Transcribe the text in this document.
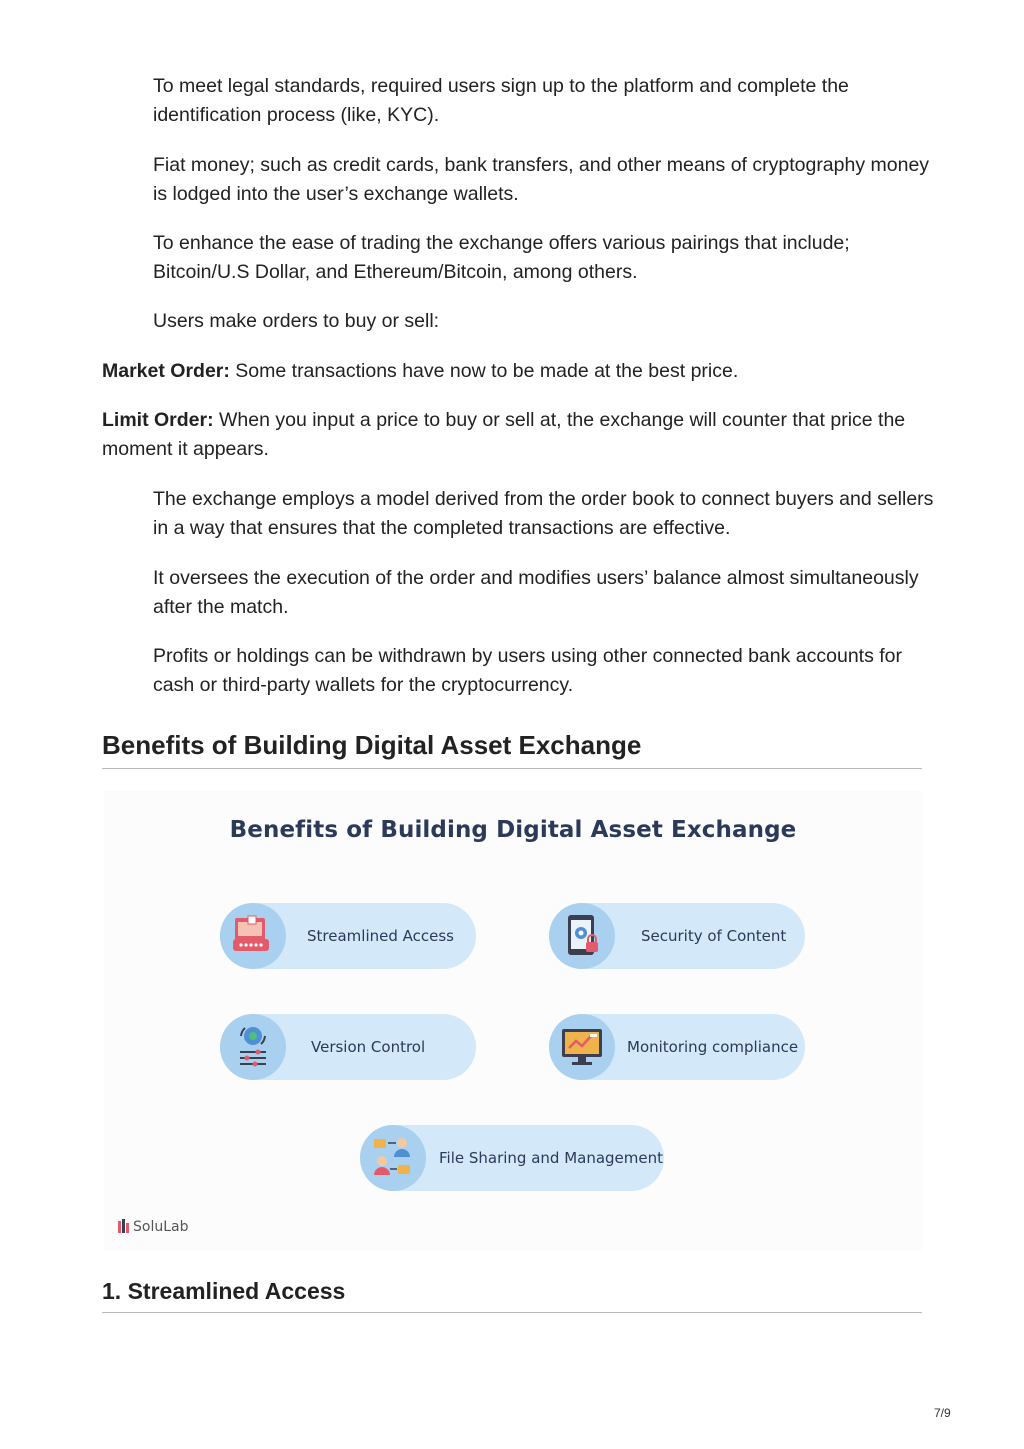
To meet legal standards, required users sign up to the platform and complete the identification process (like, KYC).

Fiat money; such as credit cards, bank transfers, and other means of cryptography money is lodged into the user’s exchange wallets.

To enhance the ease of trading the exchange offers various pairings that include; Bitcoin/U.S Dollar, and Ethereum/Bitcoin, among others.

Users make orders to buy or sell:

Market Order: Some transactions have now to be made at the best price.

Limit Order: When you input a price to buy or sell at, the exchange will counter that price the moment it appears.

The exchange employs a model derived from the order book to connect buyers and sellers in a way that ensures that the completed transactions are effective.

It oversees the execution of the order and modifies users’ balance almost simultaneously after the match.

Profits or holdings can be withdrawn by users using other connected bank accounts for cash or third-party wallets for the cryptocurrency.

Benefits of Building Digital Asset Exchange
Benefits of Building Digital Asset Exchange
Streamlined Access	Security of Content
Version Control	Monitoring compliance
File Sharing and Management
SoluLab
1. Streamlined Access
7/9
